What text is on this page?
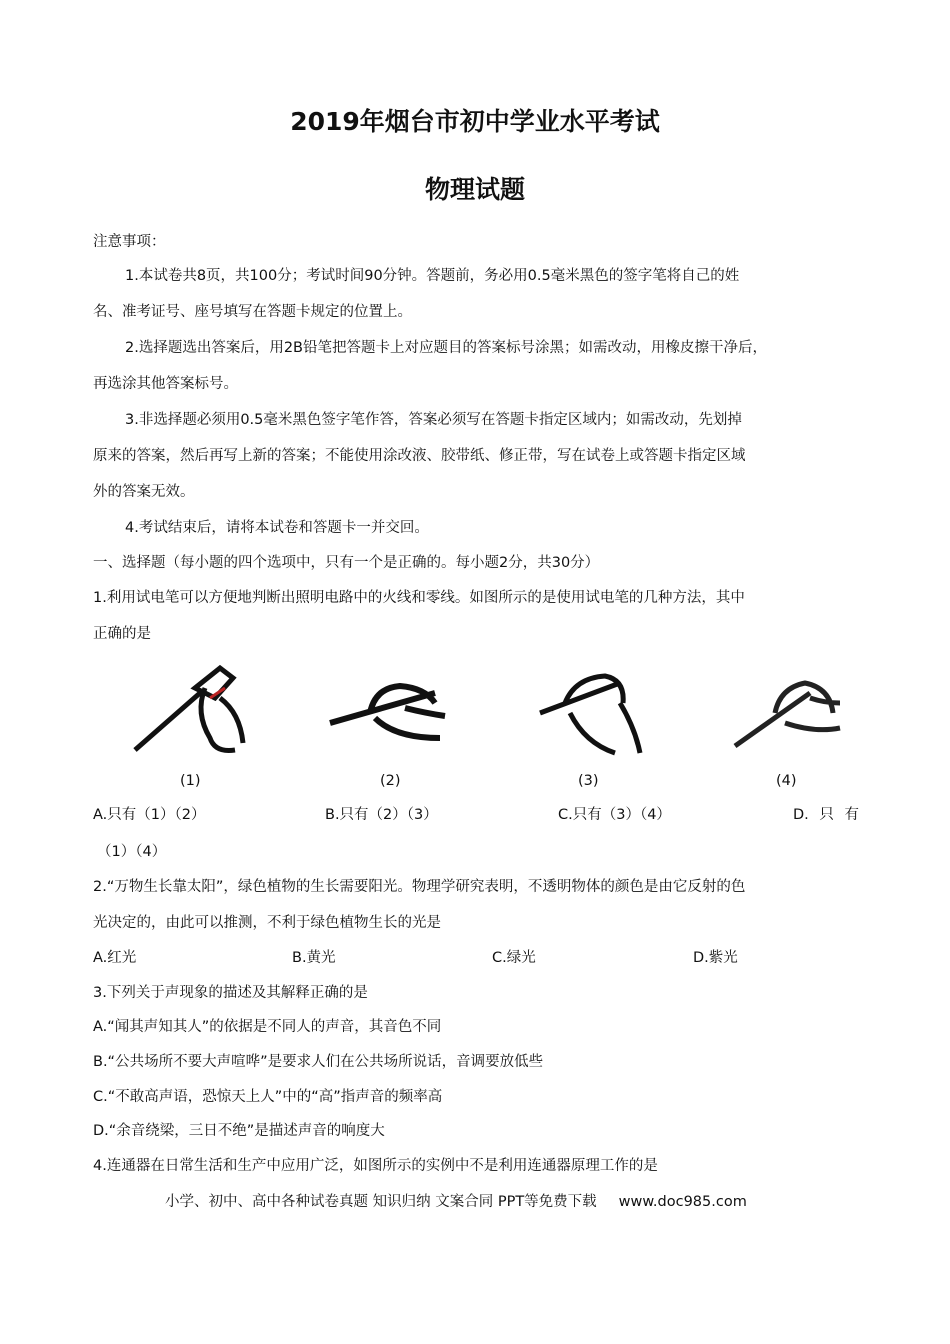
2019年烟台市初中学业水平考试
物理试题
注意事项：
1.本试卷共8页，共100分；考试时间90分钟。答题前，务必用0.5毫米黑色的签字笔将自己的姓
名、准考证号、座号填写在答题卡规定的位置上。
2.选择题选出答案后，用2B铅笔把答题卡上对应题目的答案标号涂黑；如需改动，用橡皮擦干净后，
再选涂其他答案标号。
3.非选择题必须用0.5毫米黑色签字笔作答，答案必须写在答题卡指定区域内；如需改动，先划掉
原来的答案，然后再写上新的答案；不能使用涂改液、胶带纸、修正带，写在试卷上或答题卡指定区域
外的答案无效。
4.考试结束后，请将本试卷和答题卡一并交回。
一、选择题（每小题的四个选项中，只有一个是正确的。每小题2分，共30分）
1.利用试电笔可以方便地判断出照明电路中的火线和零线。如图所示的是使用试电笔的几种方法，其中
正确的是
(1)	(2)	(3)	(4)
A.只有（1）（2）	B.只有（2）（3）	C.只有（3）（4）	D. 只 有
（1）（4）
2.“万物生长靠太阳”，绿色植物的生长需要阳光。物理学研究表明，不透明物体的颜色是由它反射的色
光决定的，由此可以推测，不利于绿色植物生长的光是
A.红光	B.黄光	C.绿光	D.紫光
3.下列关于声现象的描述及其解释正确的是
A.“闻其声知其人”的依据是不同人的声音，其音色不同
B.“公共场所不要大声喧哗”是要求人们在公共场所说话，音调要放低些
C.“不敢高声语，恐惊天上人”中的“高”指声音的频率高
D.“余音绕梁，三日不绝”是描述声音的响度大
4.连通器在日常生活和生产中应用广泛，如图所示的实例中不是利用连通器原理工作的是
小学、初中、高中各种试卷真题 知识归纳 文案合同 PPT等免费下载 www.doc985.com
